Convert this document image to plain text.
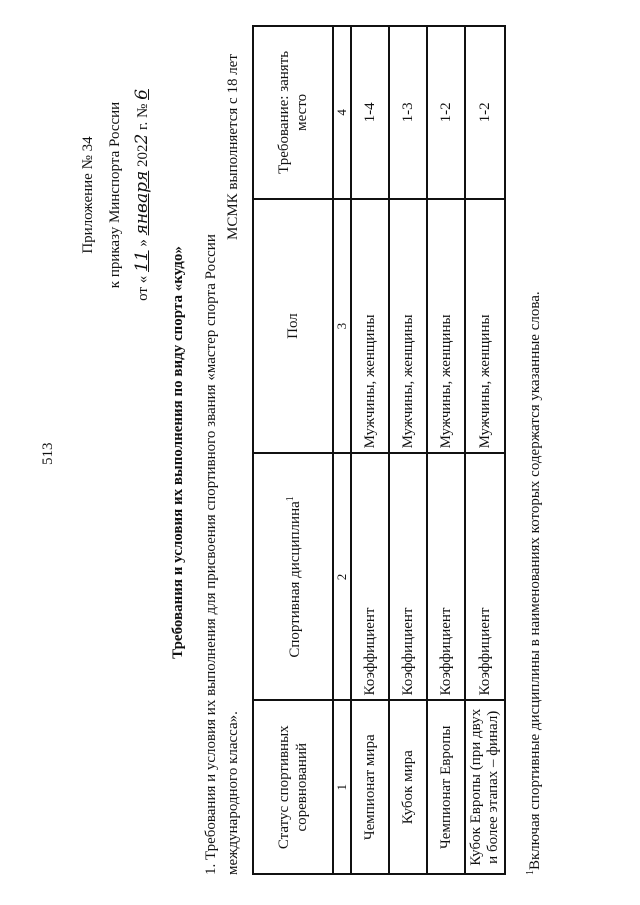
513
Приложение № 34 к приказу Минспорта России
от « 11 » января 2022 г. № 6
Требования и условия их выполнения по виду спорта «кудо» 1. Требования и условия их выполнения для присвоения спортивного звания «мастер спорта России международного класса».
МСМК выполняется с 18 лет
Статус спортивных соревнований	Спортивная дисциплина$^1$	Пол	Требование: занять место
1	2	3	4
Чемпионат мира	Коэффициент	Мужчины, женщины	1-4
Кубок мира	Коэффициент	Мужчины, женщины	1-3
Чемпионат Европы	Коэффициент	Мужчины, женщины	1-2
Кубок Европы (при двух и более этапах – финал)	Коэффициент	Мужчины, женщины	1-2
$^1$Включая спортивные дисциплины в наименованиях которых содержатся указанные слова.
